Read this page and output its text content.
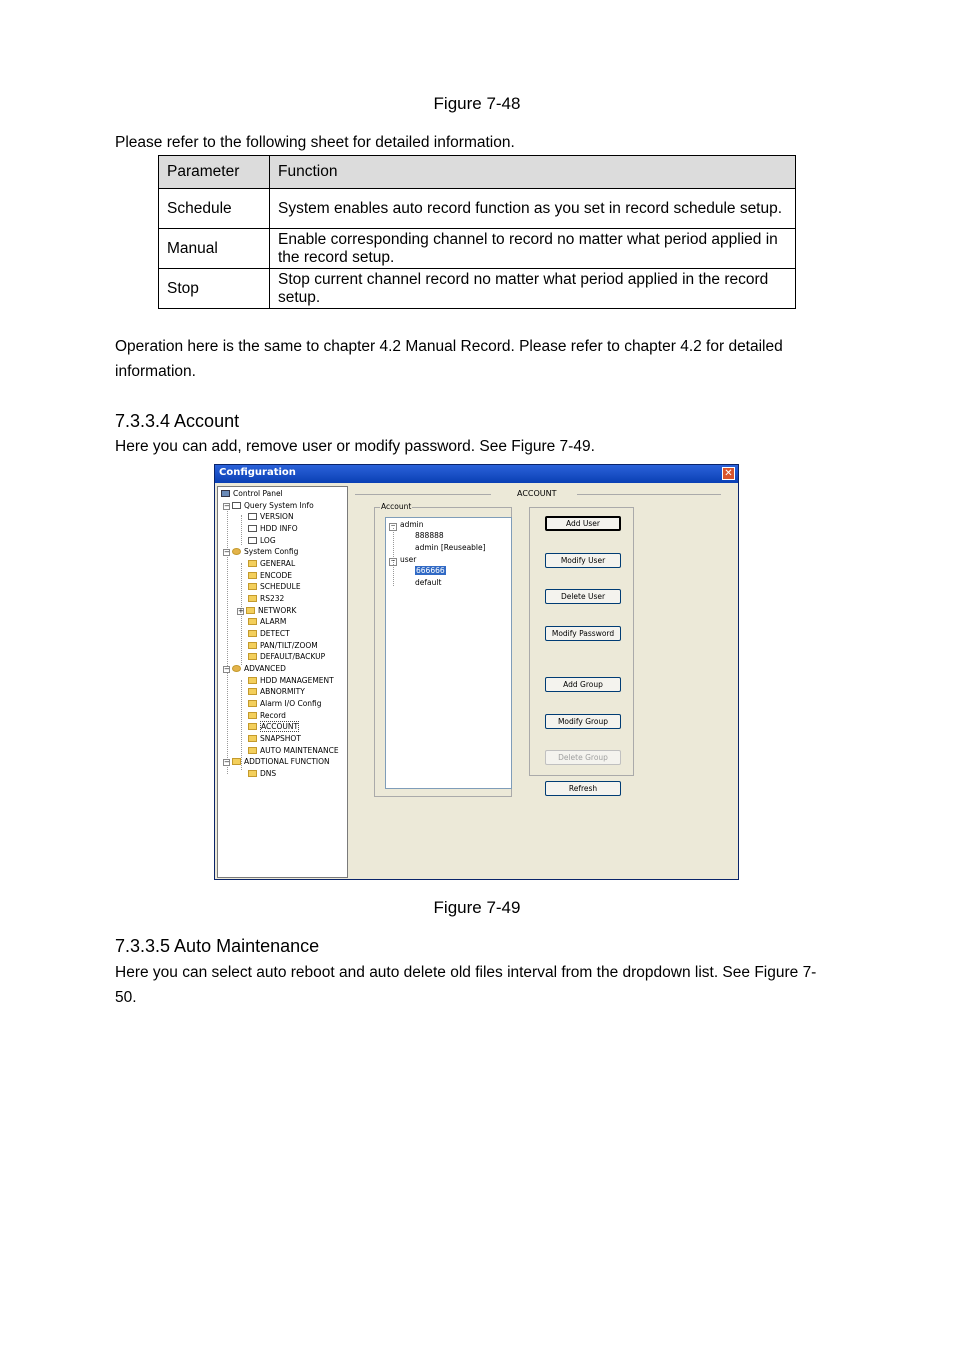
Figure 7-48
Please refer to the following sheet for detailed information.
Parameter	Function
Schedule	System enables auto record function as you set in record schedule setup.
Manual	Enable corresponding channel to record no matter what period applied in the record setup.
Stop	Stop current channel record no matter what period applied in the record setup.
Operation here is the same to chapter 4.2 Manual Record. Please refer to chapter 4.2 for detailed information.
7.3.3.4 Account
Here you can add, remove user or modify password. See Figure 7-49.
Configuration	✕
Control Panel
− Query System Info
VERSION
HDD INFO
LOG
− System Config
GENERAL
ENCODE
SCHEDULE
RS232
+ NETWORK
ALARM
DETECT
PAN/TILT/ZOOM
DEFAULT/BACKUP
− ADVANCED
HDD MANAGEMENT
ABNORMITY
Alarm I/O Config
Record
ACCOUNT
SNAPSHOT
AUTO MAINTENANCE
− ADDTIONAL FUNCTION
DNS
ACCOUNT
Account
− admin
888888
admin [Reuseable]
− user
666666
default
Add User
Modify User
Delete User
Modify Password
Add Group
Modify Group
Delete Group
Refresh
Figure 7-49
7.3.3.5 Auto Maintenance
Here you can select auto reboot and auto delete old files interval from the dropdown list. See Figure 7-50.
